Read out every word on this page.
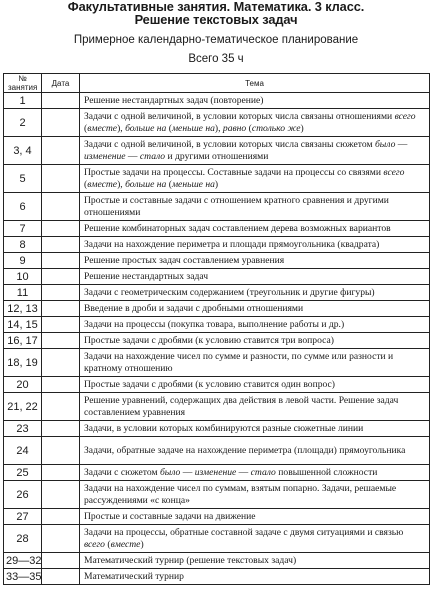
Факультативные занятия. Математика. 3 класс.

Решение текстовых задач

Примерное календарно-тематическое планирование

Всего 35 ч

№ занятия	Дата	Тема
1		Решение нестандартных задач (повторение)
2		Задачи с одной величиной, в условии которых числа связаны отношениями всего (вместе), больше на (меньше на), равно (столько же)
3, 4		Задачи с одной величиной, в условии которых числа связаны сюжетом было — изменение — стало и другими отношениями
5		Простые задачи на процессы. Составные задачи на процессы со связями всего (вместе), больше на (меньше на)
6		Простые и составные задачи с отношением кратного сравнения и другими отношениями
7		Решение комбинаторных задач составлением дерева возможных вариантов
8		Задачи на нахождение периметра и площади прямоугольника (квадрата)
9		Решение простых задач составлением уравнения
10		Решение нестандартных задач
11		Задачи с геометрическим содержанием (треугольник и другие фигуры)
12, 13		Введение в дроби и задачи с дробными отношениями
14, 15		Задачи на процессы (покупка товара, выполнение работы и др.)
16, 17		Простые задачи с дробями (к условию ставится три вопроса)
18, 19		Задачи на нахождение чисел по сумме и разности, по сумме или разности и кратному отношению
20		Простые задачи с дробями (к условию ставится один вопрос)
21, 22		Решение уравнений, содержащих два действия в левой части. Решение задач составлением уравнения
23		Задачи, в условии которых комбинируются разные сюжетные линии
24		Задачи, обратные задаче на нахождение периметра (площади) прямоугольника
25		Задачи с сюжетом было — изменение — стало повышенной сложности
26		Задачи на нахождение чисел по суммам, взятым попарно. Задачи, решаемые рассуждениями «с конца»
27		Простые и составные задачи на движение
28		Задачи на процессы, обратные составной задаче с двумя ситуациями и связью всего (вместе)
29—32		Математический турнир (решение текстовых задач)
33—35		Математический турнир
